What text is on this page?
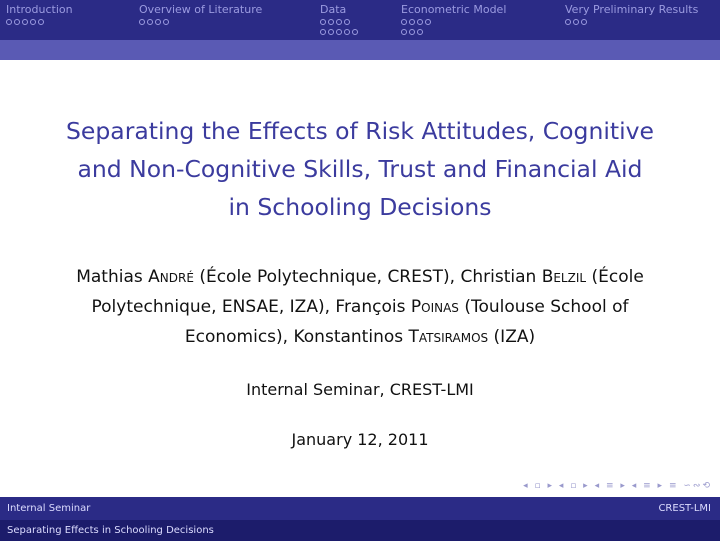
Introduction	Overview of Literature	Data	Econometric Model	Very Preliminary Results
Separating the Effects of Risk Attitudes, Cognitive
and Non-Cognitive Skills, Trust and Financial Aid
in Schooling Decisions
Mathias André (École Polytechnique, CREST), Christian Belzil (École Polytechnique, ENSAE, IZA), François Poinas (Toulouse School of Economics), Konstantinos Tatsiramos (IZA)
Internal Seminar, CREST-LMI
January 12, 2011
◂ ▫ ▸ ◂ ▫ ▸ ◂ ≡ ▸ ◂ ≡ ▸ ≡ ∽∾⟲
Internal Seminar	CREST-LMI
Separating Effects in Schooling Decisions
